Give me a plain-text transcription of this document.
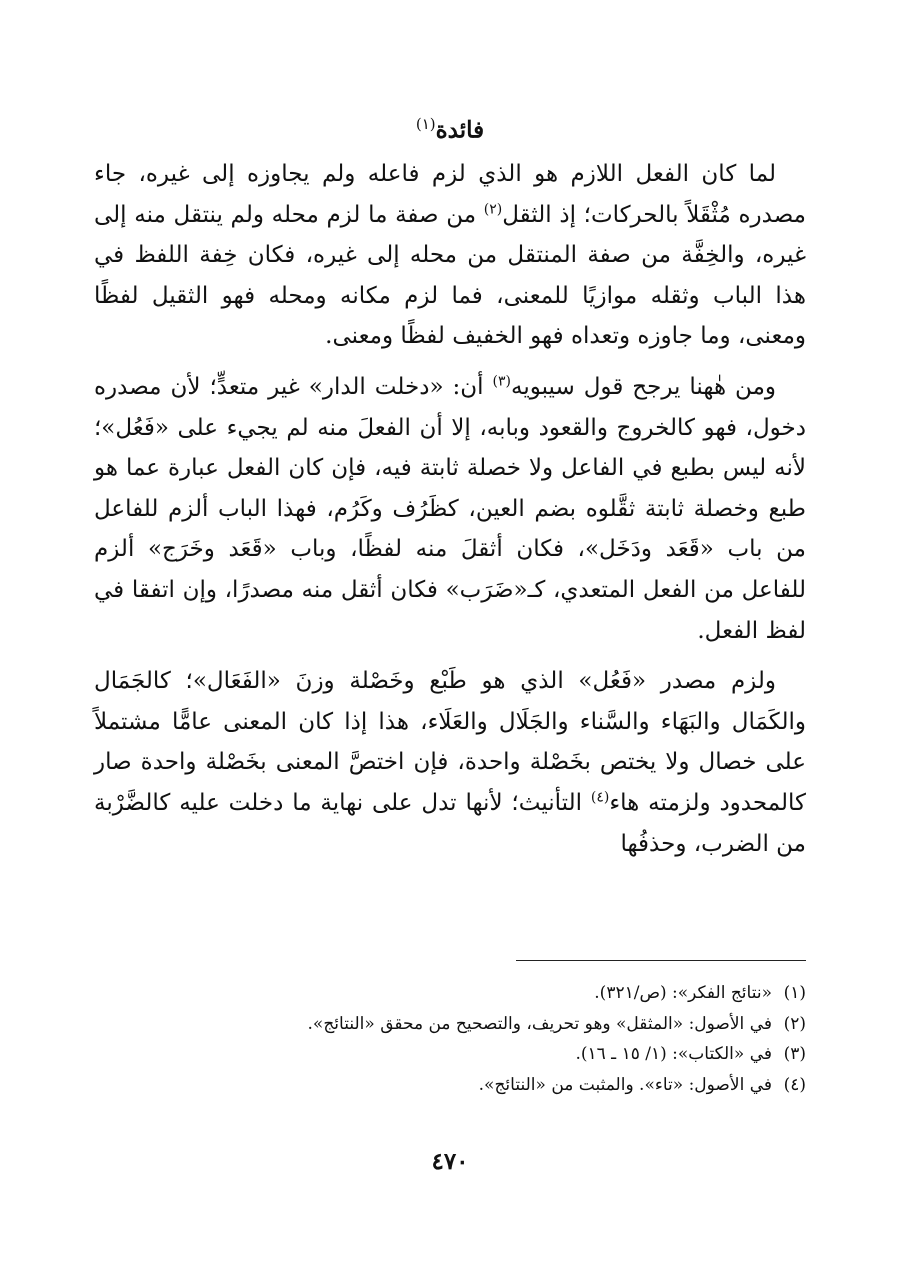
فائدة$^{(١)}$

لما كان الفعل اللازم هو الذي لزم فاعله ولم يجاوزه إلى غيره، جاء مصدره مُثْقَلاً بالحركات؛ إذ الثقل$^{(٢)}$ من صفة ما لزم محله ولم ينتقل منه إلى غيره، والخِفَّة من صفة المنتقل من محله إلى غيره، فكان خِفة اللفظ في هذا الباب وثقله موازيًا للمعنى، فما لزم مكانه ومحله فهو الثقيل لفظًا ومعنى، وما جاوزه وتعداه فهو الخفيف لفظًا ومعنى.

ومن هٰهنا يرجح قول سيبويه$^{(٣)}$ أن: «دخلت الدار» غير متعدٍّ؛ لأن مصدره دخول، فهو كالخروج والقعود وبابه، إلا أن الفعلَ منه لم يجيء على «فَعُل»؛ لأنه ليس بطبع في الفاعل ولا خصلة ثابتة فيه، فإن كان الفعل عبارة عما هو طبع وخصلة ثابتة ثقَّلوه بضم العين، كظَرُف وكَرُم، فهذا الباب ألزم للفاعل من باب «قَعَد ودَخَل»، فكان أثقلَ منه لفظًا، وباب «قَعَد وخَرَج» ألزم للفاعل من الفعل المتعدي، كـ«ضَرَب» فكان أثقل منه مصدرًا، وإن اتفقا في لفظ الفعل.

ولزم مصدر «فَعُل» الذي هو طَبْع وخَصْلة وزنَ «الفَعَال»؛ كالجَمَال والكَمَال والبَهَاء والسَّناء والجَلَال والعَلَاء، هذا إذا كان المعنى عامًّا مشتملاً على خصال ولا يختص بخَصْلة واحدة، فإن اختصَّ المعنى بخَصْلة واحدة صار كالمحدود ولزمته هاء$^{(٤)}$ التأنيث؛ لأنها تدل على نهاية ما دخلت عليه كالضَّرْبة من الضرب، وحذفُها

(١)«نتائج الفكر»: (ص/٣٢١).
(٢)في الأصول: «المثقل» وهو تحريف، والتصحيح من محقق «النتائج».
(٣)في «الكتاب»: (١/ ١٥ ـ ١٦).
(٤)في الأصول: «تاء». والمثبت من «النتائج».
٤٧٠
